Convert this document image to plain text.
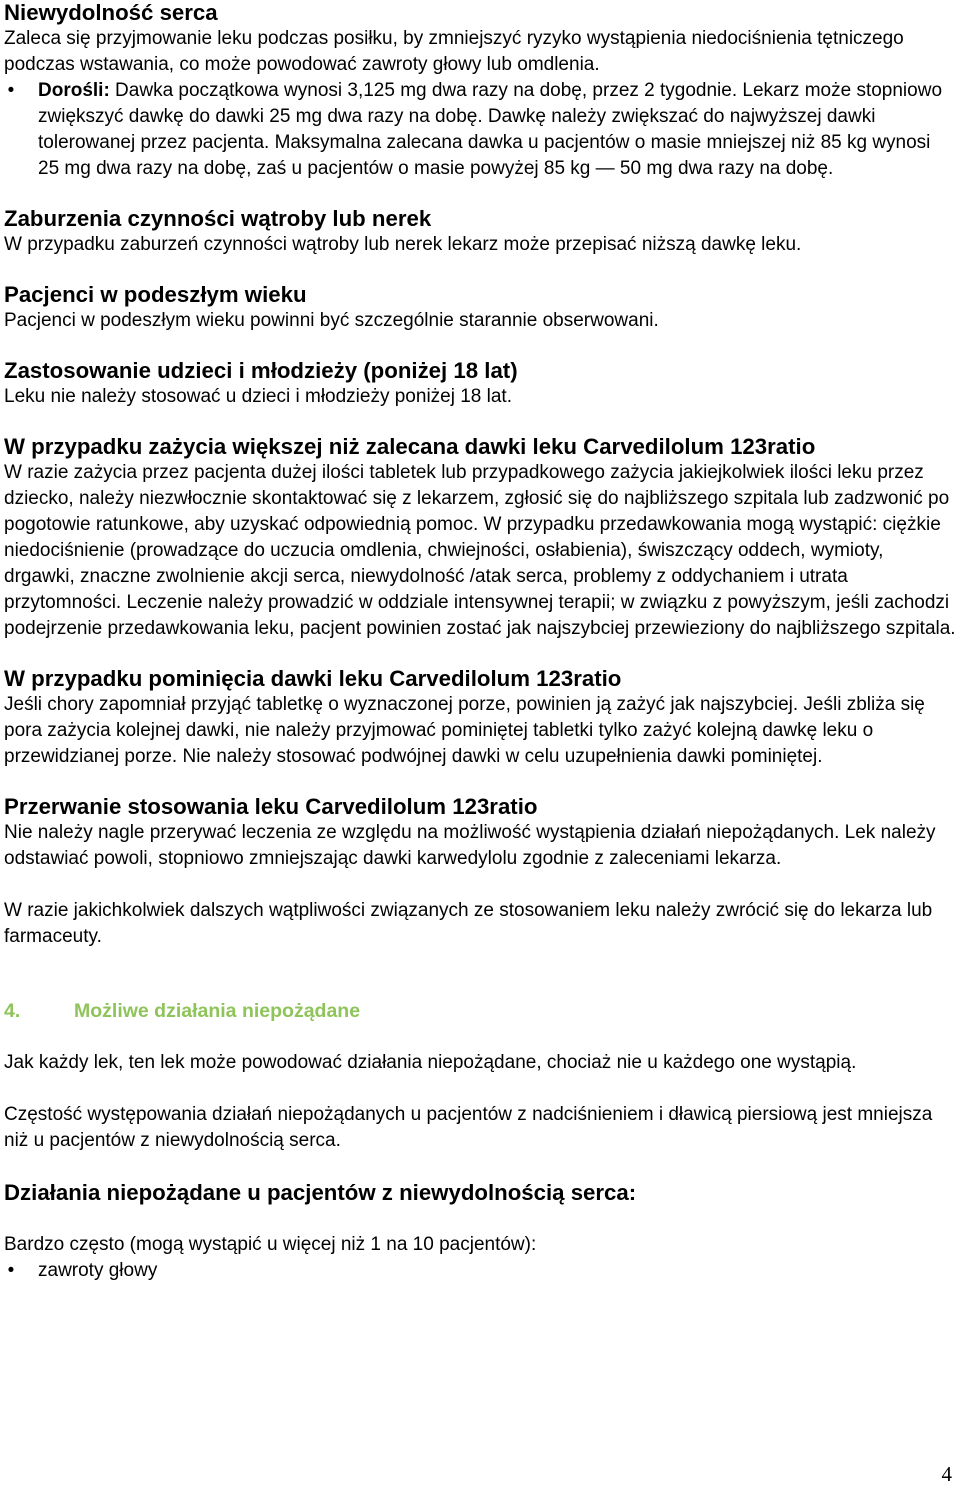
Niewydolność serca

Zaleca się przyjmowanie leku podczas posiłku, by zmniejszyć ryzyko wystąpienia niedociśnienia tętniczego podczas wstawania, co może powodować zawroty głowy lub omdlenia.

• Dorośli: Dawka początkowa wynosi 3,125 mg dwa razy na dobę, przez 2 tygodnie. Lekarz może stopniowo zwiększyć dawkę do dawki 25 mg dwa razy na dobę. Dawkę należy zwiększać do najwyższej dawki tolerowanej przez pacjenta. Maksymalna zalecana dawka u pacjentów o masie mniejszej niż 85 kg wynosi 25 mg dwa razy na dobę, zaś u pacjentów o masie powyżej 85 kg — 50 mg dwa razy na dobę.
Zaburzenia czynności wątroby lub nerek

W przypadku zaburzeń czynności wątroby lub nerek lekarz może przepisać niższą dawkę leku.

Pacjenci w podeszłym wieku

Pacjenci w podeszłym wieku powinni być szczególnie starannie obserwowani.

Zastosowanie udzieci i młodzieży (poniżej 18 lat)

Leku nie należy stosować u dzieci i młodzieży poniżej 18 lat.

W przypadku zażycia większej niż zalecana dawki leku Carvedilolum 123ratio

W razie zażycia przez pacjenta dużej ilości tabletek lub przypadkowego zażycia jakiejkolwiek ilości leku przez dziecko, należy niezwłocznie skontaktować się z lekarzem, zgłosić się do najbliższego szpitala lub zadzwonić po pogotowie ratunkowe, aby uzyskać odpowiednią pomoc. W przypadku przedawkowania mogą wystąpić: ciężkie niedociśnienie (prowadzące do uczucia omdlenia, chwiejności, osłabienia), świszczący oddech, wymioty, drgawki, znaczne zwolnienie akcji serca, niewydolność /atak serca, problemy z oddychaniem i utrata przytomności. Leczenie należy prowadzić w oddziale intensywnej terapii; w związku z powyższym, jeśli zachodzi podejrzenie przedawkowania leku, pacjent powinien zostać jak najszybciej przewieziony do najbliższego szpitala.

W przypadku pominięcia dawki leku Carvedilolum 123ratio

Jeśli chory zapomniał przyjąć tabletkę o wyznaczonej porze, powinien ją zażyć jak najszybciej. Jeśli zbliża się pora zażycia kolejnej dawki, nie należy przyjmować pominiętej tabletki tylko zażyć kolejną dawkę leku o przewidzianej porze. Nie należy stosować podwójnej dawki w celu uzupełnienia dawki pominiętej.

Przerwanie stosowania leku Carvedilolum 123ratio

Nie należy nagle przerywać leczenia ze względu na możliwość wystąpienia działań niepożądanych. Lek należy odstawiać powoli, stopniowo zmniejszając dawki karwedylolu zgodnie z zaleceniami lekarza.

W razie jakichkolwiek dalszych wątpliwości związanych ze stosowaniem leku należy zwrócić się do lekarza lub farmaceuty.

4.	Możliwe działania niepożądane

Jak każdy lek, ten lek może powodować działania niepożądane, chociaż nie u każdego one wystąpią.

Częstość występowania działań niepożądanych u pacjentów z nadciśnieniem i dławicą piersiową jest mniejsza niż u pacjentów z niewydolnością serca.

Działania niepożądane u pacjentów z niewydolnością serca:

Bardzo często (mogą wystąpić u więcej niż 1 na 10 pacjentów):

• zawroty głowy
4
